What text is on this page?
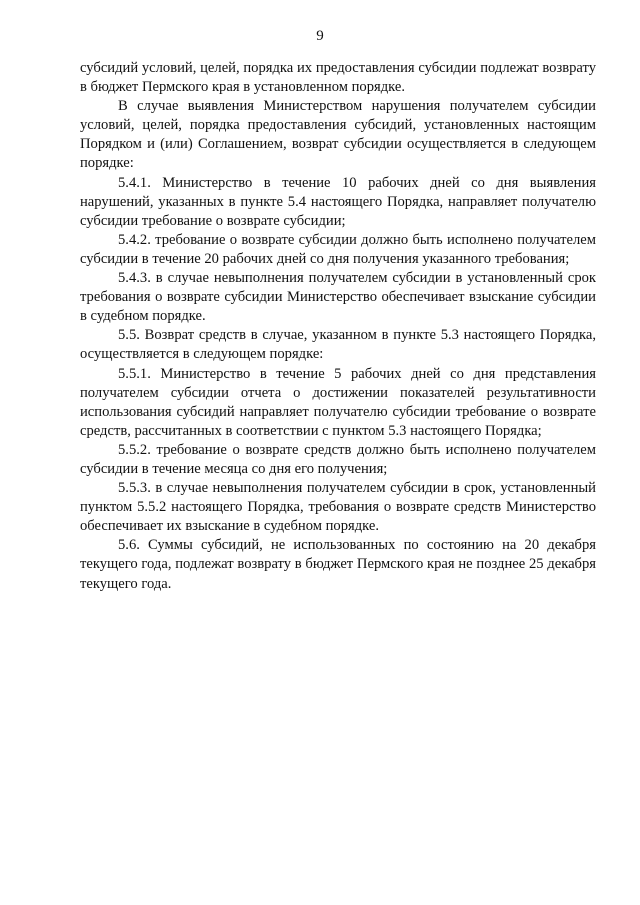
9

субсидий условий, целей, порядка их предоставления субсидии подлежат возврату в бюджет Пермского края в установленном порядке.

В случае выявления Министерством нарушения получателем субсидии условий, целей, порядка предоставления субсидий, установленных настоящим Порядком и (или) Соглашением, возврат субсидии осуществляется в следующем порядке:

5.4.1. Министерство в течение 10 рабочих дней со дня выявления нарушений, указанных в пункте 5.4 настоящего Порядка, направляет получателю субсидии требование о возврате субсидии;

5.4.2. требование о возврате субсидии должно быть исполнено получателем субсидии в течение 20 рабочих дней со дня получения указанного требования;

5.4.3. в случае невыполнения получателем субсидии в установленный срок требования о возврате субсидии Министерство обеспечивает взыскание субсидии в судебном порядке.

5.5. Возврат средств в случае, указанном в пункте 5.3 настоящего Порядка, осуществляется в следующем порядке:

5.5.1. Министерство в течение 5 рабочих дней со дня представления получателем субсидии отчета о достижении показателей результативности использования субсидий направляет получателю субсидии требование о возврате средств, рассчитанных в соответствии с пунктом 5.3 настоящего Порядка;

5.5.2. требование о возврате средств должно быть исполнено получателем субсидии в течение месяца со дня его получения;

5.5.3. в случае невыполнения получателем субсидии в срок, установленный пунктом 5.5.2 настоящего Порядка, требования о возврате средств Министерство обеспечивает их взыскание в судебном порядке.

5.6. Суммы субсидий, не использованных по состоянию на 20 декабря текущего года, подлежат возврату в бюджет Пермского края не позднее 25 декабря текущего года.
